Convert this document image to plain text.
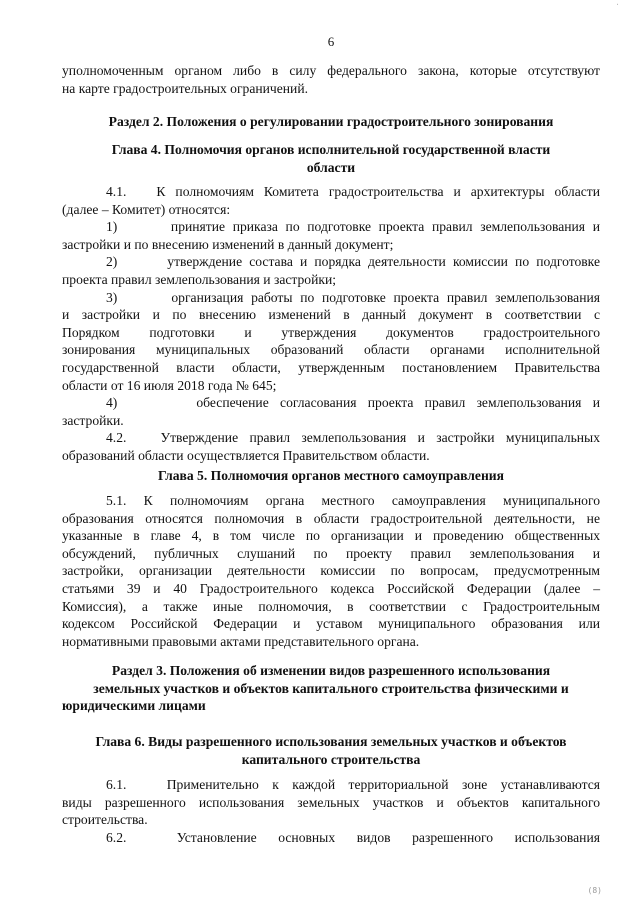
·
6
уполномоченным органом либо в силу федерального закона, которые отсутствуют
на карте градостроительных ограничений.
Раздел 2. Положения о регулировании градостроительного зонирования
Глава 4. Полномочия органов исполнительной государственной власти
области
4.1.   К полномочиям Комитета градостроительства и архитектуры области
(далее – Комитет) относятся:
1)       принятие приказа по подготовке проекта правил землепользования и
застройки и по внесению изменений в данный документ;
2)       утверждение состава и порядка деятельности комиссии по подготовке
проекта правил землепользования и застройки;
3)       организация работы по подготовке проекта правил землепользования
и застройки и по внесению изменений в данный документ в соответствии с
Порядком подготовки и утверждения документов градостроительного
зонирования муниципальных образований области органами исполнительной
государственной власти области, утвержденным постановлением Правительства
области от 16 июля 2018 года № 645;
4)       обеспечение согласования проекта правил землепользования и
застройки.
4.2.   Утверждение правил землепользования и застройки муниципальных
образований области осуществляется Правительством области.
Глава 5. Полномочия органов местного самоуправления
5.1. К полномочиям органа местного самоуправления муниципального
образования относятся полномочия в области градостроительной деятельности, не
указанные в главе 4, в том числе по организации и проведению общественных
обсуждений, публичных слушаний по проекту правил землепользования и
застройки, организации деятельности комиссии по вопросам, предусмотренным
статьями 39 и 40 Градостроительного кодекса Российской Федерации (далее –
Комиссия), а также иные полномочия, в соответствии с Градостроительным
кодексом Российской Федерации и уставом муниципального образования или
нормативными правовыми актами представительного органа.
Раздел 3. Положения об изменении видов разрешенного использования
земельных участков и объектов капитального строительства физическими и
юридическими лицами
Глава 6. Виды разрешенного использования земельных участков и объектов
капитального строительства
6.1.   Применительно к каждой территориальной зоне устанавливаются
виды разрешенного использования земельных участков и объектов капитального
строительства.
6.2.       Установление   основных   видов   разрешенного   использования
(8)
